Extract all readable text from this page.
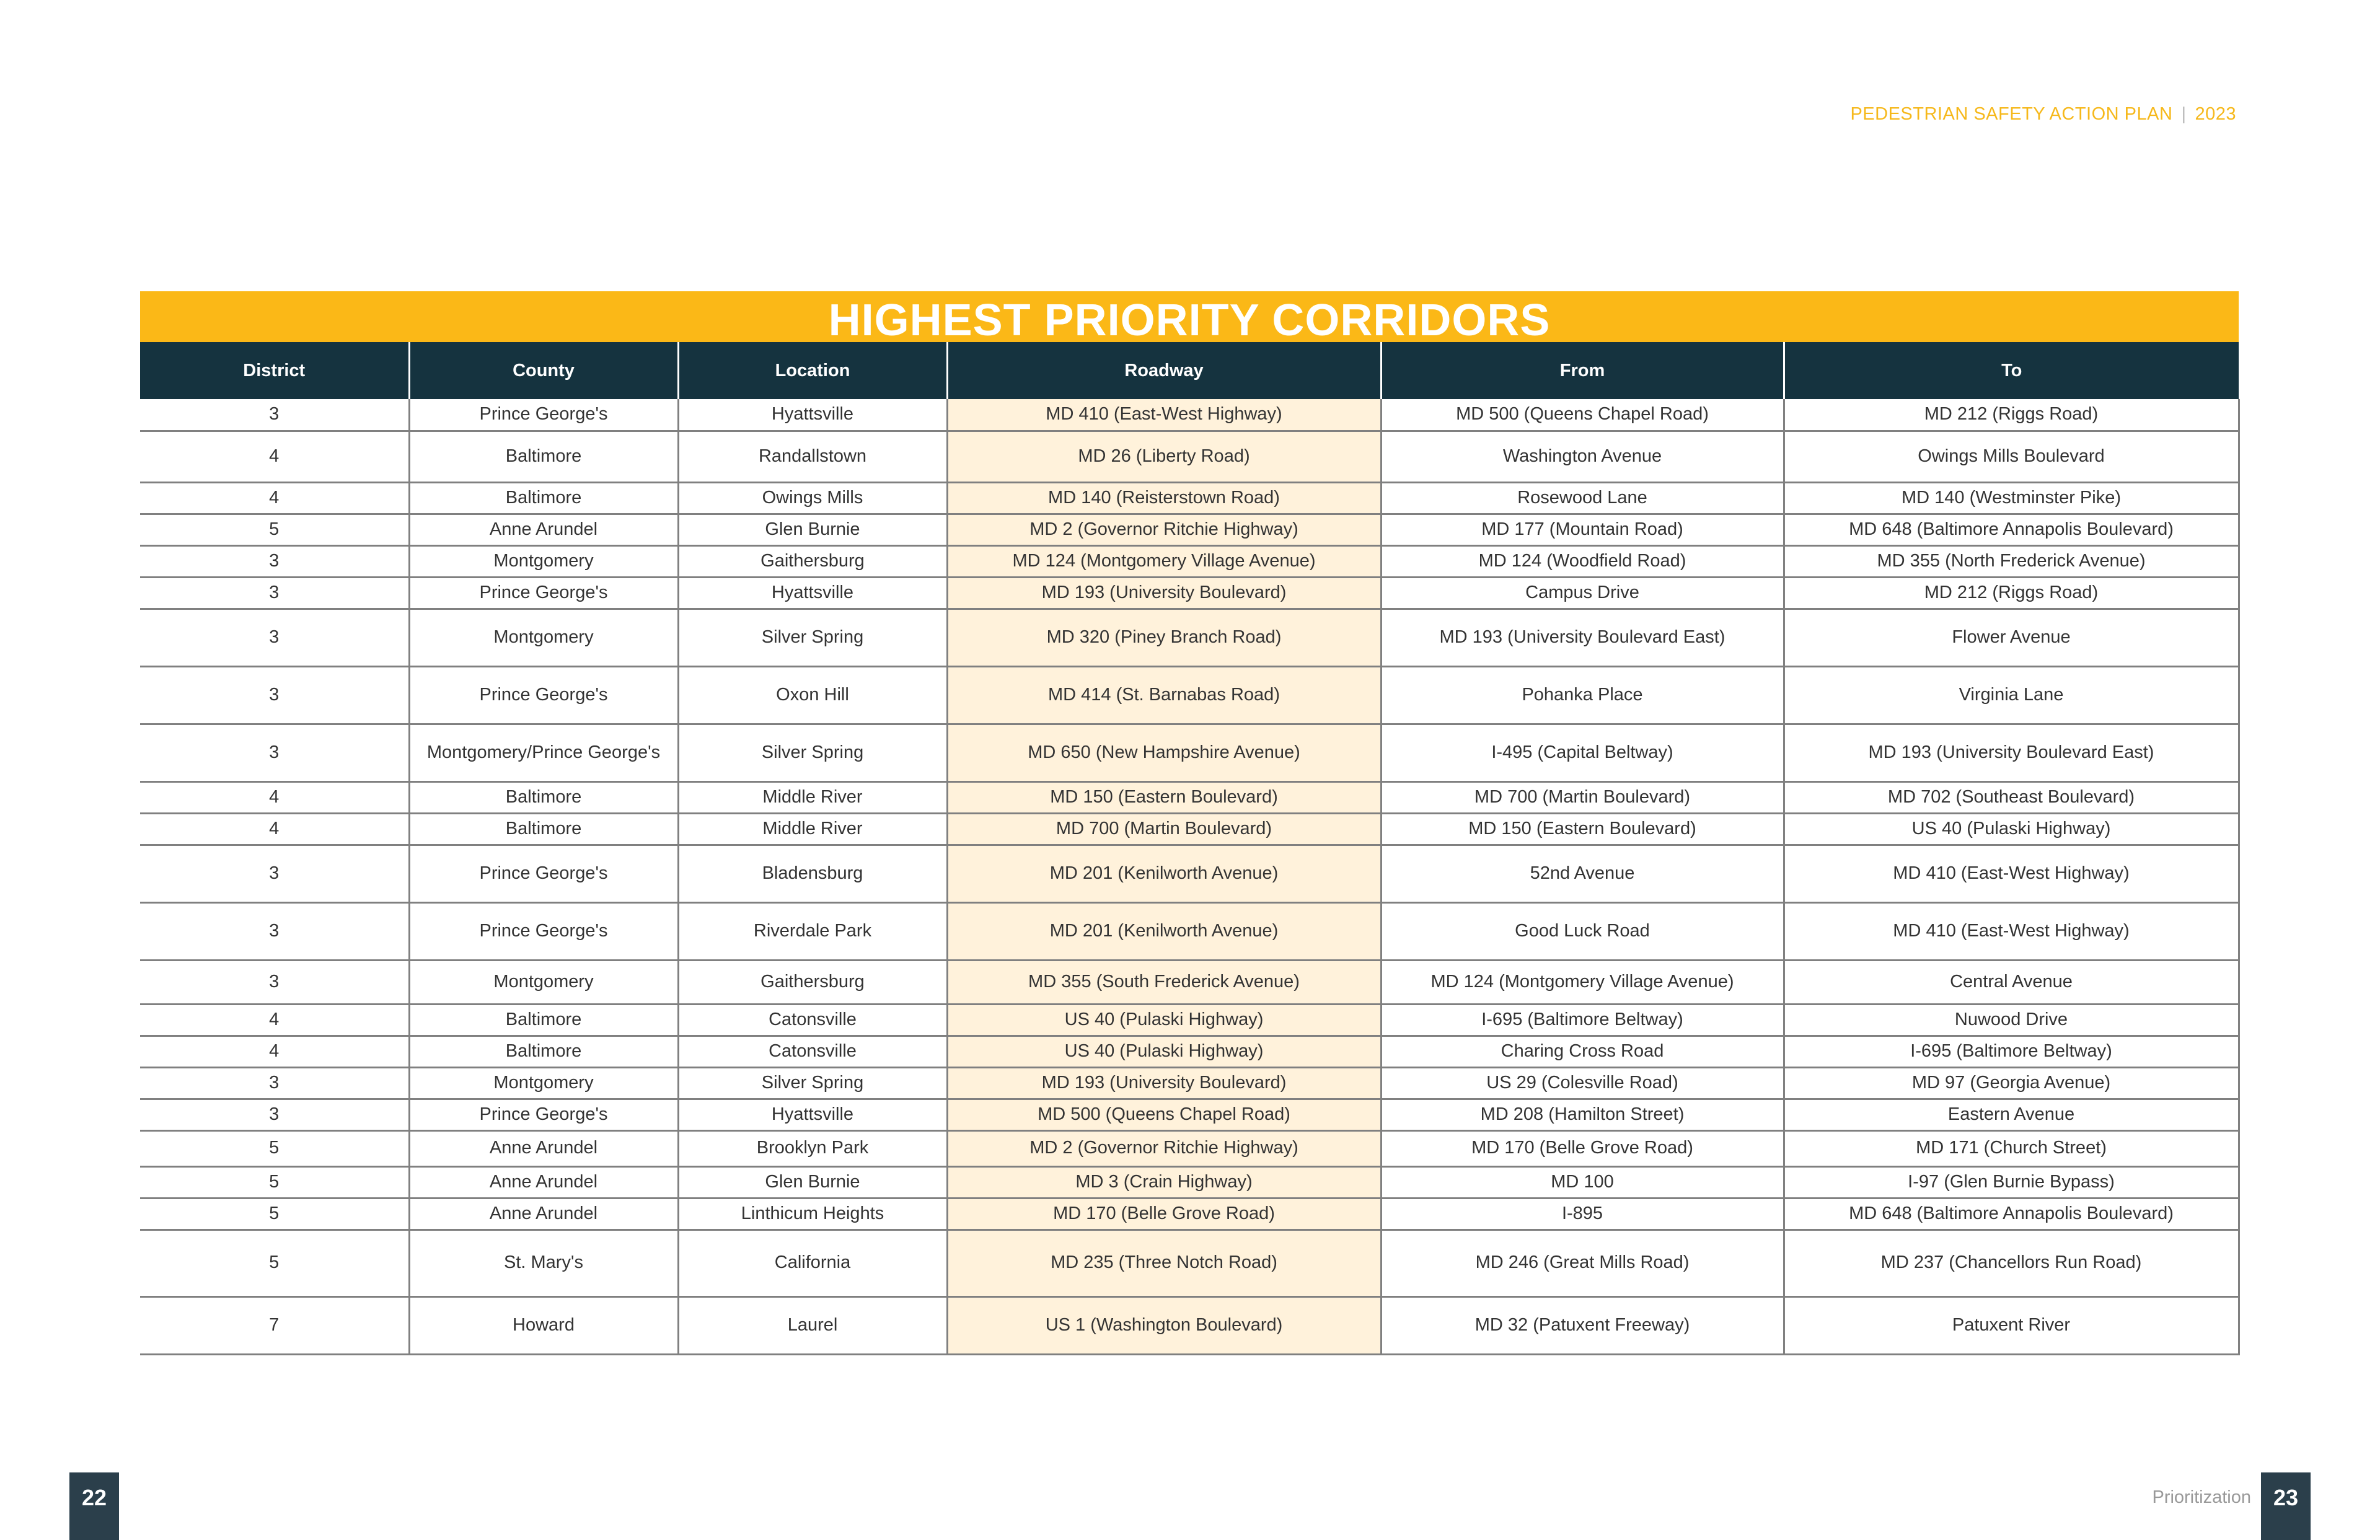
PEDESTRIAN SAFETY ACTION PLAN | 2023
HIGHEST PRIORITY CORRIDORS
District	County	Location	Roadway	From	To
3	Prince George's	Hyattsville	MD 410 (East-West Highway)	MD 500 (Queens Chapel Road)	MD 212 (Riggs Road)
4	Baltimore	Randallstown	MD 26 (Liberty Road)	Washington Avenue	Owings Mills Boulevard
4	Baltimore	Owings Mills	MD 140 (Reisterstown Road)	Rosewood Lane	MD 140 (Westminster Pike)
5	Anne Arundel	Glen Burnie	MD 2 (Governor Ritchie Highway)	MD 177 (Mountain Road)	MD 648 (Baltimore Annapolis Boulevard)
3	Montgomery	Gaithersburg	MD 124 (Montgomery Village Avenue)	MD 124 (Woodfield Road)	MD 355 (North Frederick Avenue)
3	Prince George's	Hyattsville	MD 193 (University Boulevard)	Campus Drive	MD 212 (Riggs Road)
3	Montgomery	Silver Spring	MD 320 (Piney Branch Road)	MD 193 (University Boulevard East)	Flower Avenue
3	Prince George's	Oxon Hill	MD 414 (St. Barnabas Road)	Pohanka Place	Virginia Lane
3	Montgomery/Prince George's	Silver Spring	MD 650 (New Hampshire Avenue)	I-495 (Capital Beltway)	MD 193 (University Boulevard East)
4	Baltimore	Middle River	MD 150 (Eastern Boulevard)	MD 700 (Martin Boulevard)	MD 702 (Southeast Boulevard)
4	Baltimore	Middle River	MD 700 (Martin Boulevard)	MD 150 (Eastern Boulevard)	US 40 (Pulaski Highway)
3	Prince George's	Bladensburg	MD 201 (Kenilworth Avenue)	52nd Avenue	MD 410 (East-West Highway)
3	Prince George's	Riverdale Park	MD 201 (Kenilworth Avenue)	Good Luck Road	MD 410 (East-West Highway)
3	Montgomery	Gaithersburg	MD 355 (South Frederick Avenue)	MD 124 (Montgomery Village Avenue)	Central Avenue
4	Baltimore	Catonsville	US 40 (Pulaski Highway)	I-695 (Baltimore Beltway)	Nuwood Drive
4	Baltimore	Catonsville	US 40 (Pulaski Highway)	Charing Cross Road	I-695 (Baltimore Beltway)
3	Montgomery	Silver Spring	MD 193 (University Boulevard)	US 29 (Colesville Road)	MD 97 (Georgia Avenue)
3	Prince George's	Hyattsville	MD 500 (Queens Chapel Road)	MD 208 (Hamilton Street)	Eastern Avenue
5	Anne Arundel	Brooklyn Park	MD 2 (Governor Ritchie Highway)	MD 170 (Belle Grove Road)	MD 171 (Church Street)
5	Anne Arundel	Glen Burnie	MD 3 (Crain Highway)	MD 100	I-97 (Glen Burnie Bypass)
5	Anne Arundel	Linthicum Heights	MD 170 (Belle Grove Road)	I-895	MD 648 (Baltimore Annapolis Boulevard)
5	St. Mary's	California	MD 235 (Three Notch Road)	MD 246 (Great Mills Road)	MD 237 (Chancellors Run Road)
7	Howard	Laurel	US 1 (Washington Boulevard)	MD 32 (Patuxent Freeway)	Patuxent River
22	Prioritization 23
